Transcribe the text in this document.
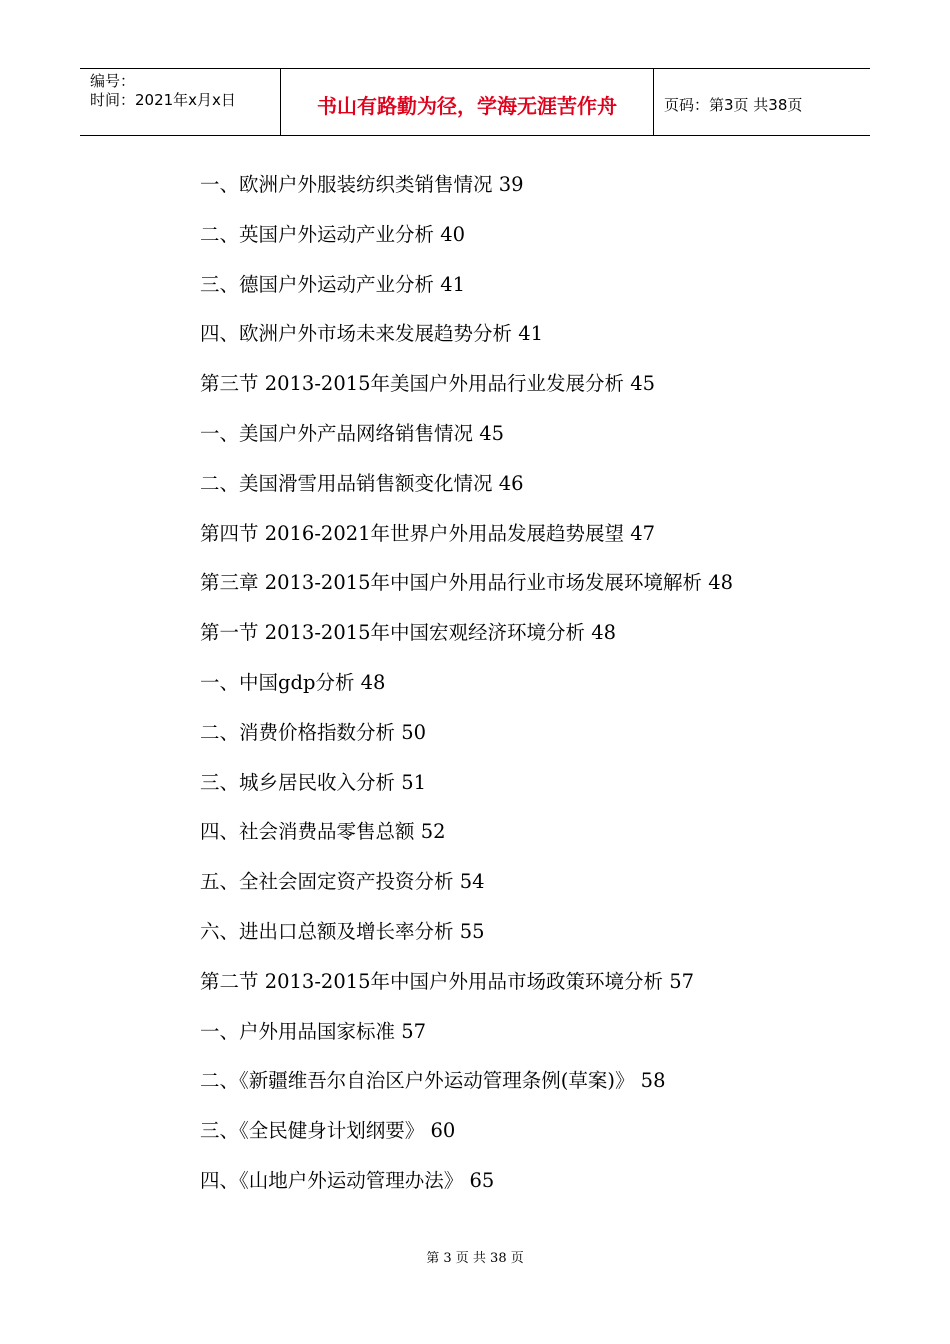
编号：
时间：2021年x月x日	书山有路勤为径，学海无涯苦作舟	页码：第3页 共38页
一、欧洲户外服装纺织类销售情况 39
二、英国户外运动产业分析 40
三、德国户外运动产业分析 41
四、欧洲户外市场未来发展趋势分析 41
第三节 2013-2015年美国户外用品行业发展分析 45
一、美国户外产品网络销售情况 45
二、美国滑雪用品销售额变化情况 46
第四节 2016-2021年世界户外用品发展趋势展望 47
第三章 2013-2015年中国户外用品行业市场发展环境解析 48
第一节 2013-2015年中国宏观经济环境分析 48
一、中国gdp分析 48
二、消费价格指数分析 50
三、城乡居民收入分析 51
四、社会消费品零售总额 52
五、全社会固定资产投资分析 54
六、进出口总额及增长率分析 55
第二节 2013-2015年中国户外用品市场政策环境分析 57
一、户外用品国家标准 57
二、《新疆维吾尔自治区户外运动管理条例(草案)》 58
三、《全民健身计划纲要》 60
四、《山地户外运动管理办法》 65
第 3 页 共 38 页
